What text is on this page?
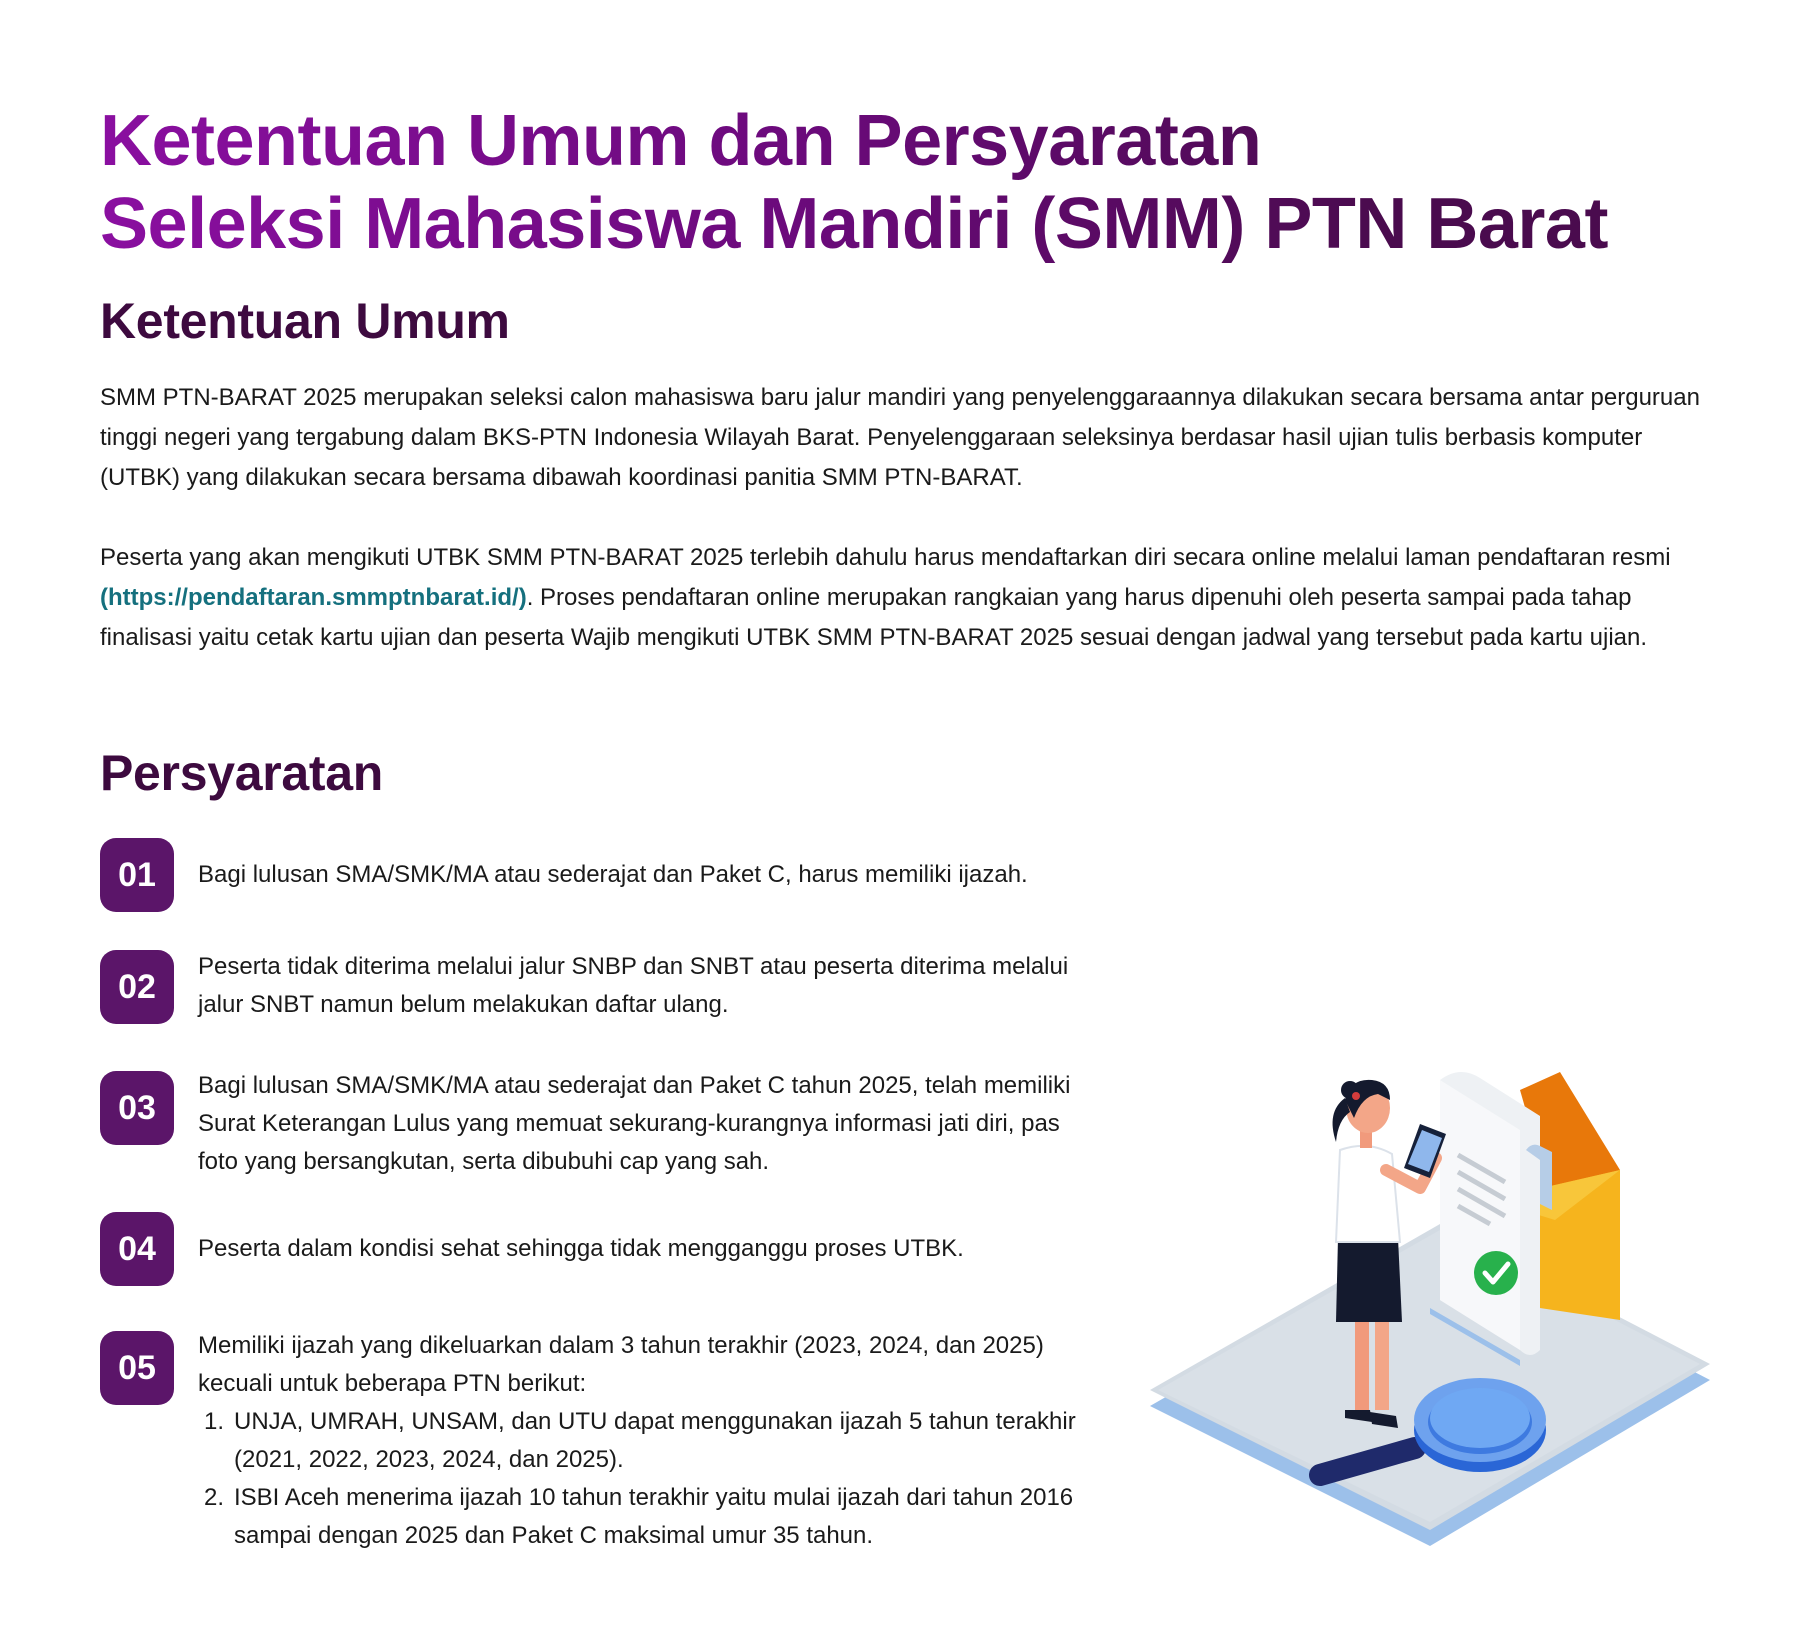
Ketentuan Umum dan Persyaratan
Seleksi Mahasiswa Mandiri (SMM) PTN Barat
Ketentuan Umum

SMM PTN-BARAT 2025 merupakan seleksi calon mahasiswa baru jalur mandiri yang penyelenggaraannya dilakukan secara bersama antar perguruan tinggi negeri yang tergabung dalam BKS-PTN Indonesia Wilayah Barat. Penyelenggaraan seleksinya berdasar hasil ujian tulis berbasis komputer (UTBK) yang dilakukan secara bersama dibawah koordinasi panitia SMM PTN-BARAT.

Peserta yang akan mengikuti UTBK SMM PTN-BARAT 2025 terlebih dahulu harus mendaftarkan diri secara online melalui laman pendaftaran resmi (https://pendaftaran.smmptnbarat.id/). Proses pendaftaran online merupakan rangkaian yang harus dipenuhi oleh peserta sampai pada tahap finalisasi yaitu cetak kartu ujian dan peserta Wajib mengikuti UTBK SMM PTN-BARAT 2025 sesuai dengan jadwal yang tersebut pada kartu ujian.

Persyaratan
01	Bagi lulusan SMA/SMK/MA atau sederajat dan Paket C, harus memiliki ijazah.
02
Peserta tidak diterima melalui jalur SNBP dan SNBT atau peserta diterima melalui jalur SNBT namun belum melakukan daftar ulang.
03
Bagi lulusan SMA/SMK/MA atau sederajat dan Paket C tahun 2025, telah memiliki Surat Keterangan Lulus yang memuat sekurang-kurangnya informasi jati diri, pas foto yang bersangkutan, serta dibubuhi cap yang sah.
04	Peserta dalam kondisi sehat sehingga tidak mengganggu proses UTBK.
05
Memiliki ijazah yang dikeluarkan dalam 3 tahun terakhir (2023, 2024, dan 2025) kecuali untuk beberapa PTN berikut:
1. UNJA, UMRAH, UNSAM, dan UTU dapat menggunakan ijazah 5 tahun terakhir (2021, 2022, 2023, 2024, dan 2025).
2. ISBI Aceh menerima ijazah 10 tahun terakhir yaitu mulai ijazah dari tahun 2016 sampai dengan 2025 dan Paket C maksimal umur 35 tahun.
